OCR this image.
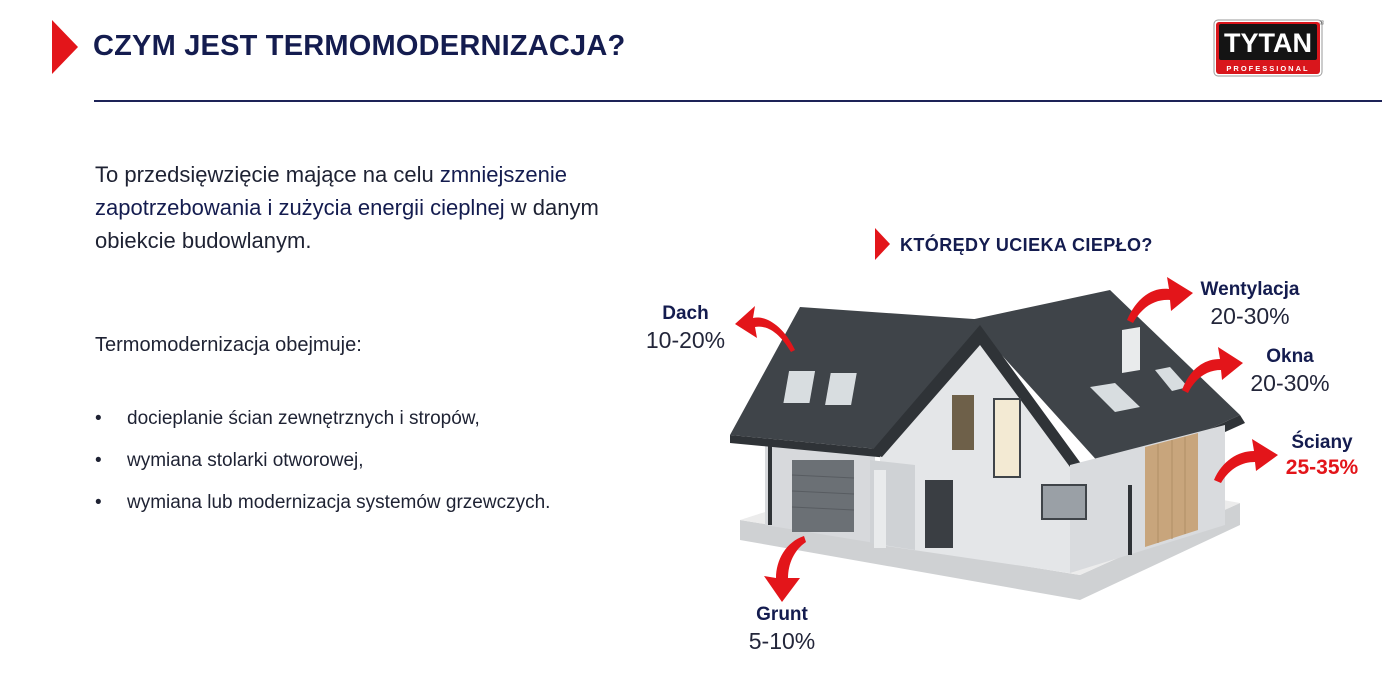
CZYM JEST TERMOMODERNIZACJA?	TYTAN
PROFESSIONAL
®
To przedsięwzięcie mające na celu zmniejszenie zapotrzebowania i zużycia energii cieplnej w danym obiekcie budowlanym.
Termomodernizacja obejmuje:
• docieplanie ścian zewnętrznych i stropów,
• wymiana stolarki otworowej,
• wymiana lub modernizacja systemów grzewczych.
KTÓRĘDY UCIEKA CIEPŁO?
Dach
10-20%
Wentylacja
20-30%
Okna
20-30%
Ściany
25-35%
Grunt
5-10%
